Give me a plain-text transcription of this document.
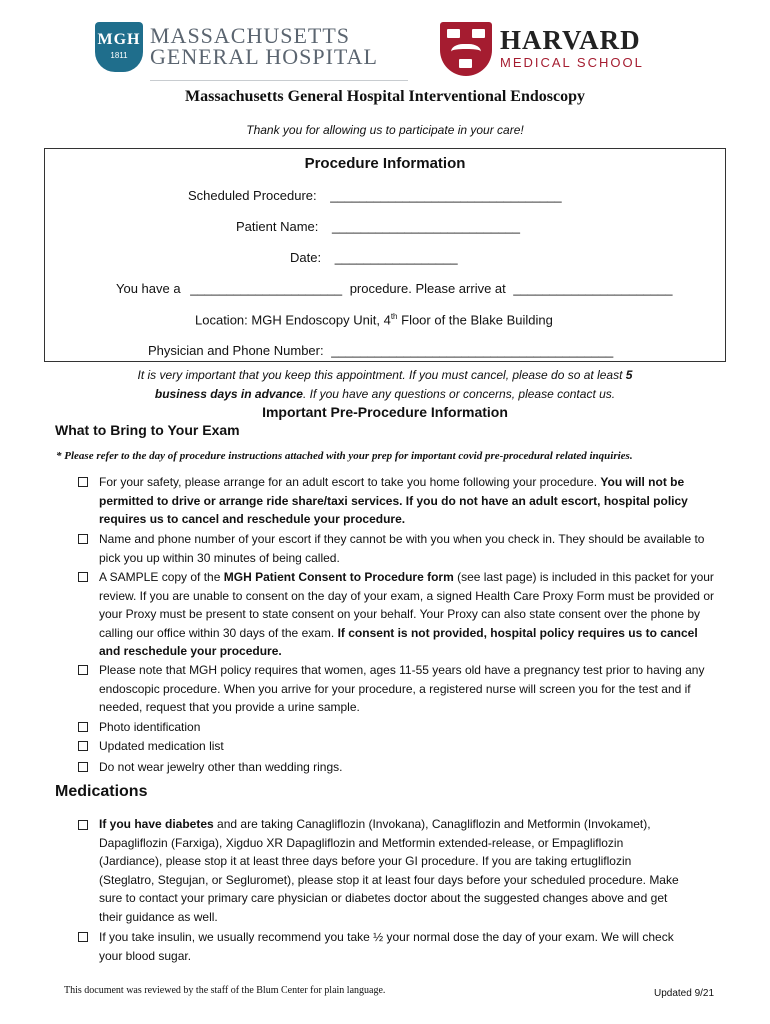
MGH
1811
MASSACHUSETTS
GENERAL HOSPITAL
HARVARD
MEDICAL SCHOOL
Massachusetts General Hospital Interventional Endoscopy
Thank you for allowing us to participate in your care!
Procedure Information
Scheduled Procedure: ________________________________
Patient Name: __________________________
Date: _________________
You have a _____________________ procedure. Please arrive at ______________________
Location: MGH Endoscopy Unit, 4th Floor of the Blake Building
Physician and Phone Number: _______________________________________
It is very important that you keep this appointment. If you must cancel, please do so at least 5 business days in advance. If you have any questions or concerns, please contact us.
Important Pre-Procedure Information
What to Bring to Your Exam
* Please refer to the day of procedure instructions attached with your prep for important covid pre-procedural related inquiries.
For your safety, please arrange for an adult escort to take you home following your procedure. You will not be permitted to drive or arrange ride share/taxi services. If you do not have an adult escort, hospital policy requires us to cancel and reschedule your procedure.
Name and phone number of your escort if they cannot be with you when you check in. They should be available to pick you up within 30 minutes of being called.
A SAMPLE copy of the MGH Patient Consent to Procedure form (see last page) is included in this packet for your review. If you are unable to consent on the day of your exam, a signed Health Care Proxy Form must be provided or your Proxy must be present to state consent on your behalf. Your Proxy can also state consent over the phone by calling our office within 30 days of the exam. If consent is not provided, hospital policy requires us to cancel and reschedule your procedure.
Please note that MGH policy requires that women, ages 11-55 years old have a pregnancy test prior to having any endoscopic procedure. When you arrive for your procedure, a registered nurse will screen you for the test and if needed, request that you provide a urine sample.
Photo identification
Updated medication list
Do not wear jewelry other than wedding rings.
Medications
If you have diabetes and are taking Canagliflozin (Invokana), Canagliflozin and Metformin (Invokamet), Dapagliflozin (Farxiga), Xigduo XR Dapagliflozin and Metformin extended-release, or Empagliflozin (Jardiance), please stop it at least three days before your GI procedure. If you are taking ertugliflozin (Steglatro, Stegujan, or Segluromet), please stop it at least four days before your scheduled procedure. Make sure to contact your primary care physician or diabetes doctor about the suggested changes above and get their guidance as well.
If you take insulin, we usually recommend you take ½ your normal dose the day of your exam. We will check your blood sugar.
This document was reviewed by the staff of the Blum Center for plain language.	Updated 9/21
